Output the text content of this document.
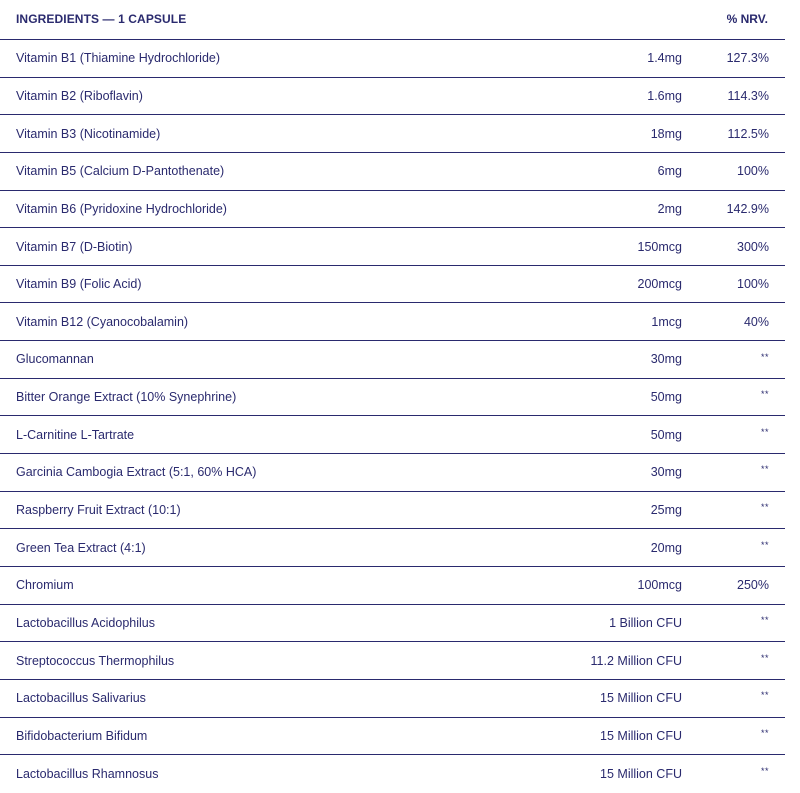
INGREDIENTS — 1 CAPSULE	% NRV.
Vitamin B1 (Thiamine Hydrochloride)	1.4mg	127.3%
Vitamin B2 (Riboflavin)	1.6mg	114.3%
Vitamin B3 (Nicotinamide)	18mg	112.5%
Vitamin B5 (Calcium D-Pantothenate)	6mg	100%
Vitamin B6 (Pyridoxine Hydrochloride)	2mg	142.9%
Vitamin B7 (D-Biotin)	150mcg	300%
Vitamin B9 (Folic Acid)	200mcg	100%
Vitamin B12 (Cyanocobalamin)	1mcg	40%
Glucomannan	30mg	**
Bitter Orange Extract (10% Synephrine)	50mg	**
L-Carnitine L-Tartrate	50mg	**
Garcinia Cambogia Extract (5:1, 60% HCA)	30mg	**
Raspberry Fruit Extract (10:1)	25mg	**
Green Tea Extract (4:1)	20mg	**
Chromium	100mcg	250%
Lactobacillus Acidophilus	1 Billion CFU	**
Streptococcus Thermophilus	11.2 Million CFU	**
Lactobacillus Salivarius	15 Million CFU	**
Bifidobacterium Bifidum	15 Million CFU	**
Lactobacillus Rhamnosus	15 Million CFU	**
